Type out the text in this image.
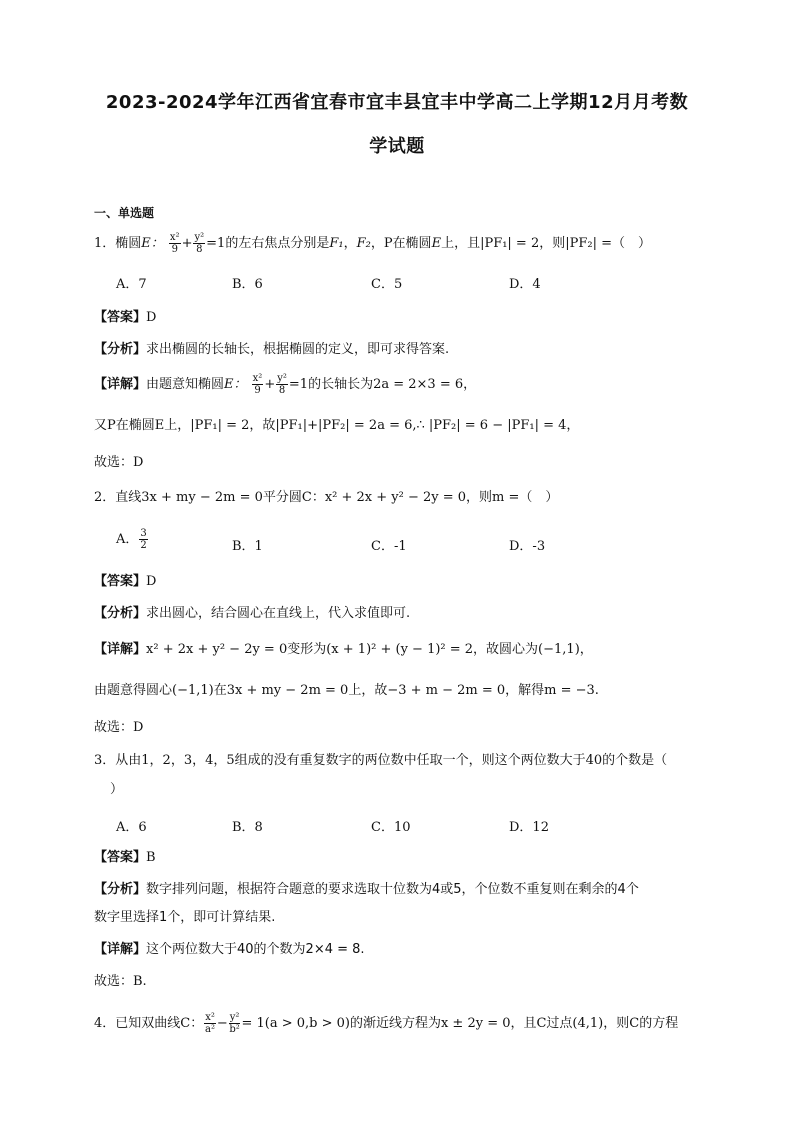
2023-2024学年江西省宜春市宜丰县宜丰中学高二上学期12月月考数
学试题
一、单选题
1．椭圆E： $\frac{\text{x²}}{9} + \frac{\text{y²}}{8} =1$的左右焦点分别是F₁，F₂，P在椭圆E上，且|PF₁| = 2，则|PF₂| =（　）
A．7	B．6	C．5	D．4
【答案】D
【分析】求出椭圆的长轴长，根据椭圆的定义，即可求得答案.
【详解】由题意知椭圆E： $\frac{\text{x²}}{9} + \frac{\text{y²}}{8} =1$的长轴长为2a = 2×3 = 6，
又P在椭圆E上，|PF₁| = 2，故|PF₁|+|PF₂| = 2a = 6,∴ |PF₂| = 6 − |PF₁| = 4，
故选：D
2．直线3x + my − 2m = 0平分圆C：x² + 2x + y² − 2y = 0，则m =（　）
A． $\frac{3}{2}$	B．1	C．-1	D．-3
【答案】D
【分析】求出圆心，结合圆心在直线上，代入求值即可.
【详解】x² + 2x + y² − 2y = 0变形为(x + 1)² + (y − 1)² = 2，故圆心为(−1,1)，
由题意得圆心(−1,1)在3x + my − 2m = 0上，故−3 + m − 2m = 0，解得m = −3.
故选：D
3．从由1，2，3，4，5组成的没有重复数字的两位数中任取一个，则这个两位数大于40的个数是（
）
A．6	B．8	C．10	D．12
【答案】B
【分析】数字排列问题，根据符合题意的要求选取十位数为4或5，个位数不重复则在剩余的4个
数字里选择1个，即可计算结果.
【详解】这个两位数大于40的个数为2×4 = 8.
故选：B.
4．已知双曲线C： $\frac{\text{x²}}{\text{a²}} - \frac{\text{y²}}{\text{b²}} = 1(a > 0,b > 0)$的渐近线方程为x ± 2y = 0，且C过点(4,1)，则C的方程
